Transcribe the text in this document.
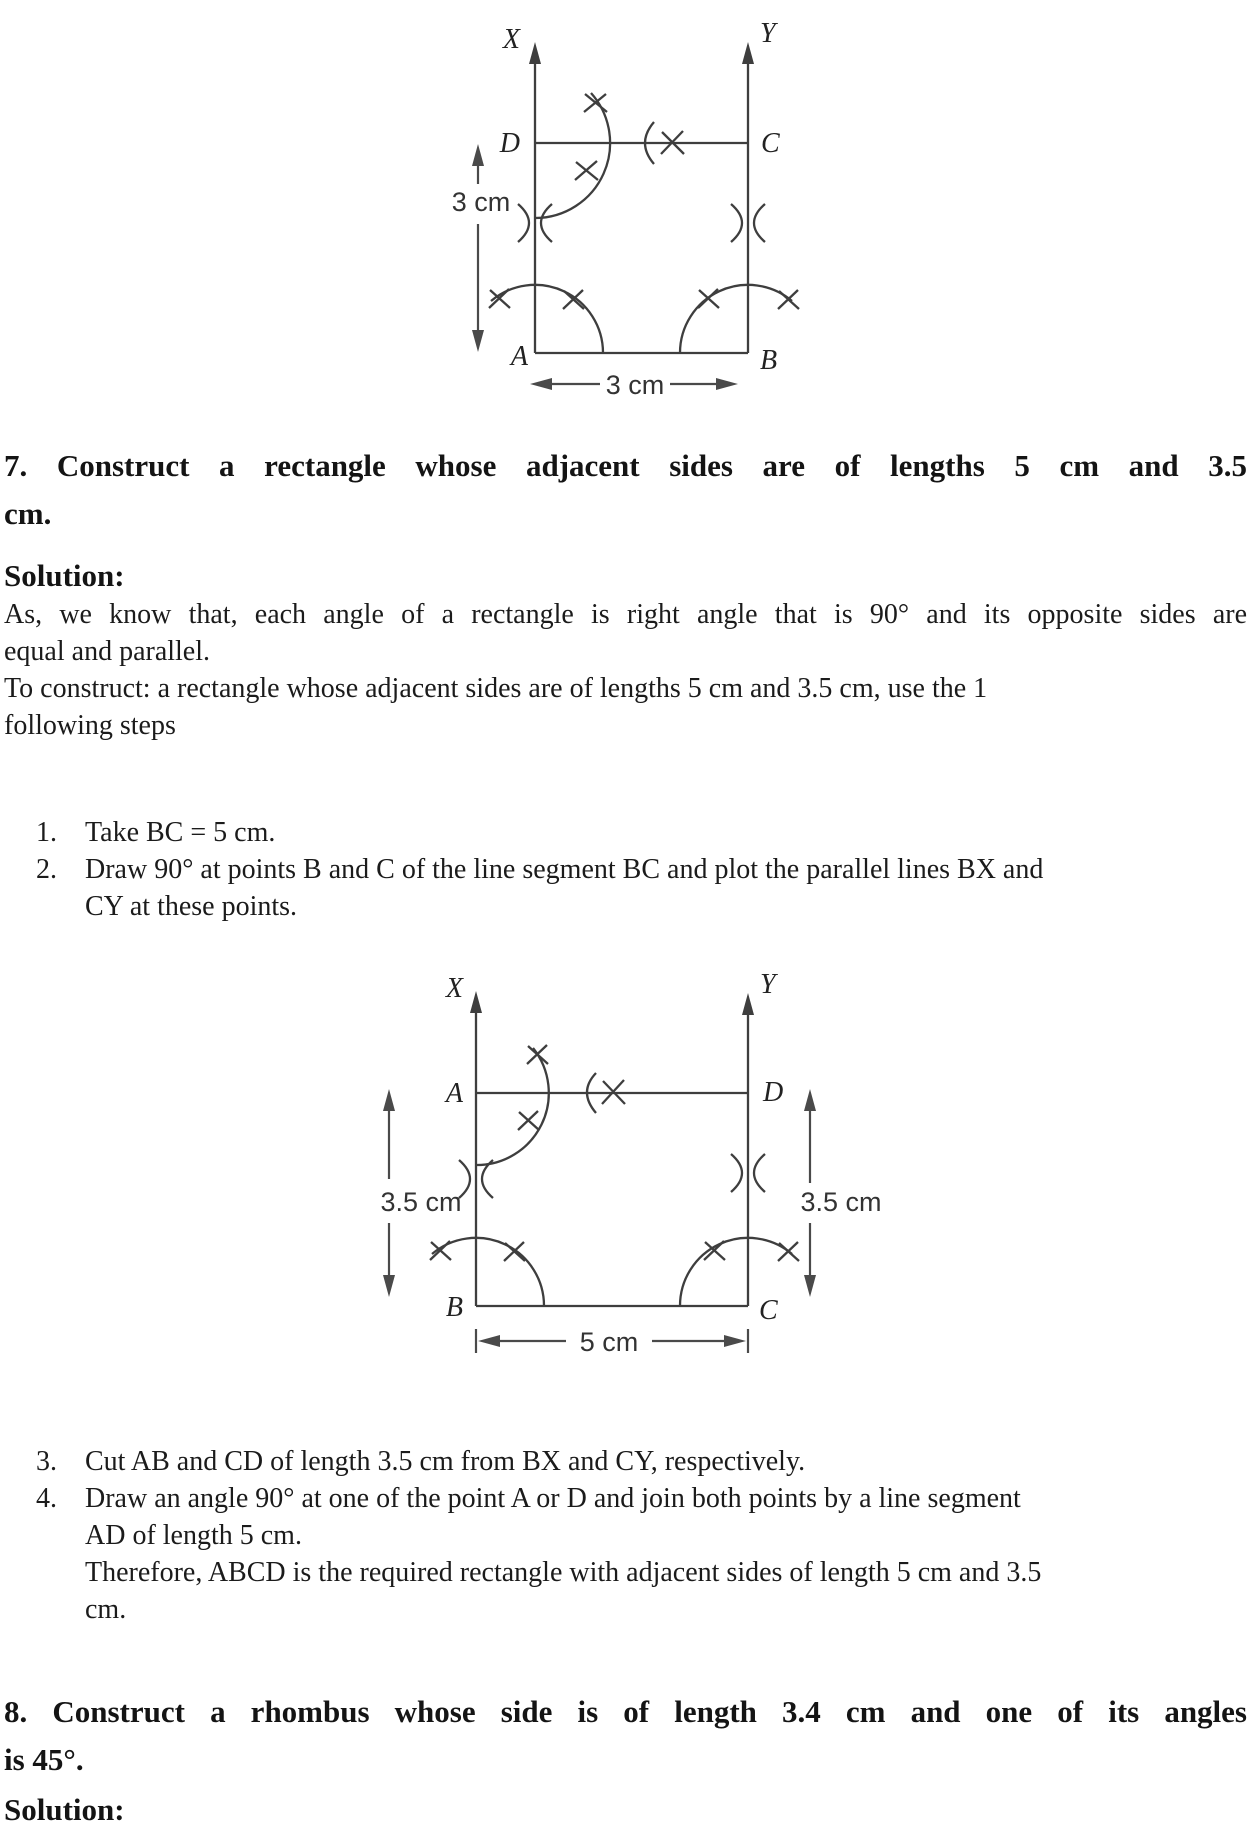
X	Y
D	C
A	B
3 cm
3 cm
7. Construct a rectangle whose adjacent sides are of lengths 5 cm and 3.5
cm.
Solution:
As, we know that, each angle of a rectangle is right angle that is 90° and its opposite sides are
equal and parallel.
To construct: a rectangle whose adjacent sides are of lengths 5 cm and 3.5 cm, use the 1
following steps
1.	Take BC = 5 cm.
2.	Draw 90° at points B and C of the line segment BC and plot the parallel lines BX and
CY at these points.
X	Y
A	D
B	C
3.5 cm	3.5 cm
5 cm
3.	Cut AB and CD of length 3.5 cm from BX and CY, respectively.
4.	Draw an angle 90° at one of the point A or D and join both points by a line segment
AD of length 5 cm.
Therefore, ABCD is the required rectangle with adjacent sides of length 5 cm and 3.5
cm.
8. Construct a rhombus whose side is of length 3.4 cm and one of its angles
is 45°.
Solution:
